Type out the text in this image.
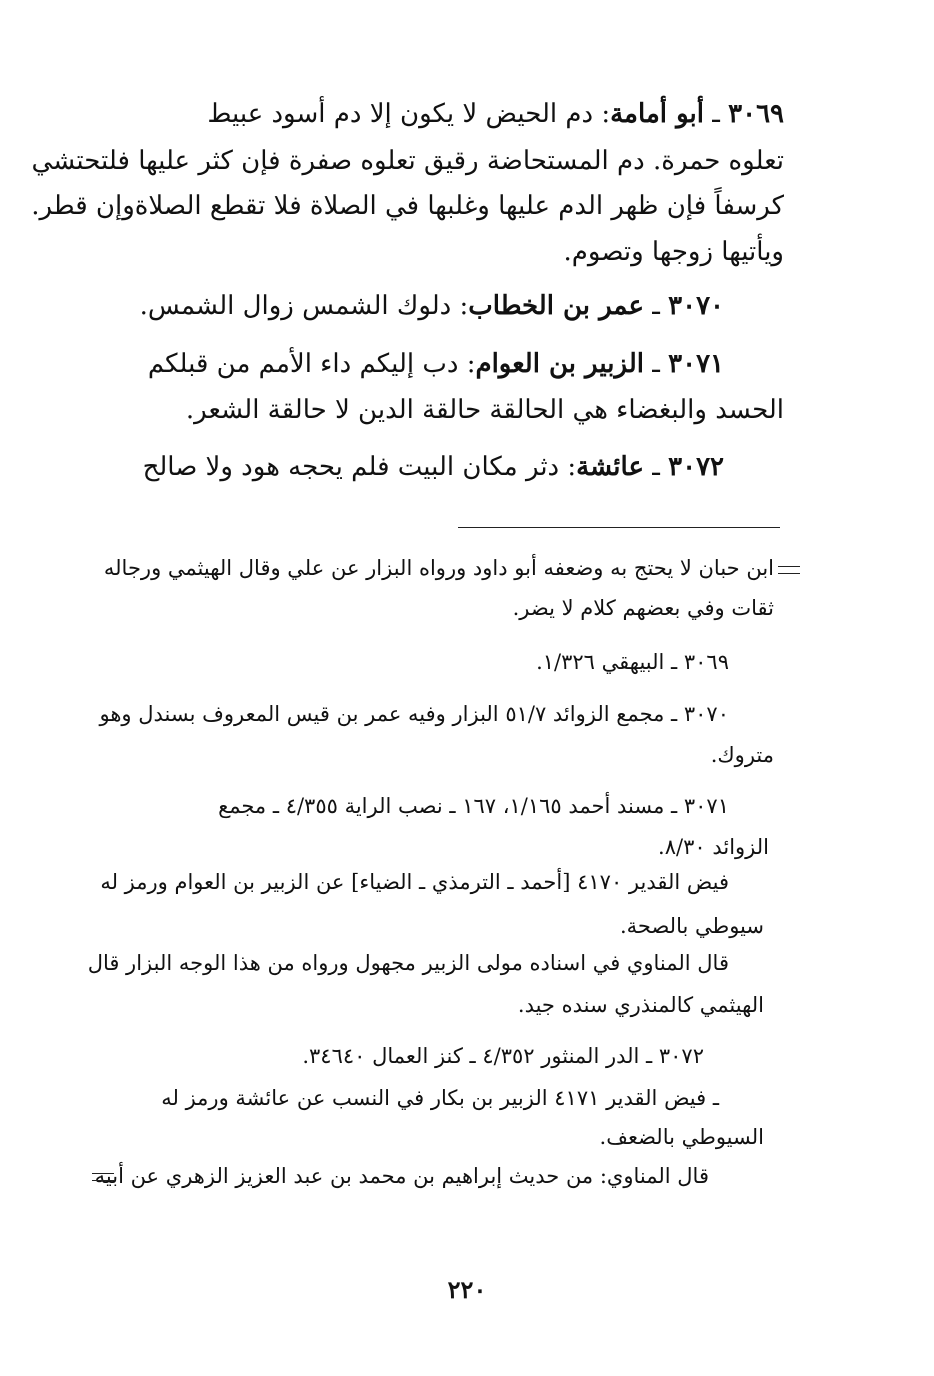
٣٠٦٩ ـ أبو أمامة: دم الحيض لا يكون إلا دم أسود عبيط
تعلوه حمرة. دم المستحاضة رقيق تعلوه صفرة فإن كثر عليها فلتحتشي
كرسفاً فإن ظهر الدم عليها وغلبها في الصلاة فلا تقطع الصلاةوإن قطر.
ويأتيها زوجها وتصوم.
٣٠٧٠ ـ عمر بن الخطاب: دلوك الشمس زوال الشمس.
٣٠٧١ ـ الزبير بن العوام: دب إليكم داء الأمم من قبلكم
الحسد والبغضاء هي الحالقة حالقة الدين لا حالقة الشعر.
٣٠٧٢ ـ عائشة: دثر مكان البيت فلم يحجه هود ولا صالح
ابن حبان لا يحتج به وضعفه أبو داود ورواه البزار عن علي وقال الهيثمي ورجاله
ثقات وفي بعضهم كلام لا يضر.
٣٠٦٩ ـ البيهقي ١/٣٢٦.
٣٠٧٠ ـ مجمع الزوائد ٥١/٧ البزار وفيه عمر بن قيس المعروف بسندل وهو
متروك.
٣٠٧١ ـ مسند أحمد ١/١٦٥، ١٦٧ ـ نصب الراية ٤/٣٥٥ ـ مجمع
الزوائد ٨/٣٠.
فيض القدير ٤١٧٠ [أحمد ـ الترمذي ـ الضياء] عن الزبير بن العوام ورمز له
سيوطي بالصحة.
قال المناوي في اسناده مولى الزبير مجهول ورواه من هذا الوجه البزار قال
الهيثمي كالمنذري سنده جيد.
٣٠٧٢ ـ الدر المنثور ٤/٣٥٢ ـ كنز العمال ٣٤٦٤٠.
ـ فيض القدير ٤١٧١ الزبير بن بكار في النسب عن عائشة ورمز له
السيوطي بالضعف.
قال المناوي: من حديث إبراهيم بن محمد بن عبد العزيز الزهري عن أبيه
٢٢٠
